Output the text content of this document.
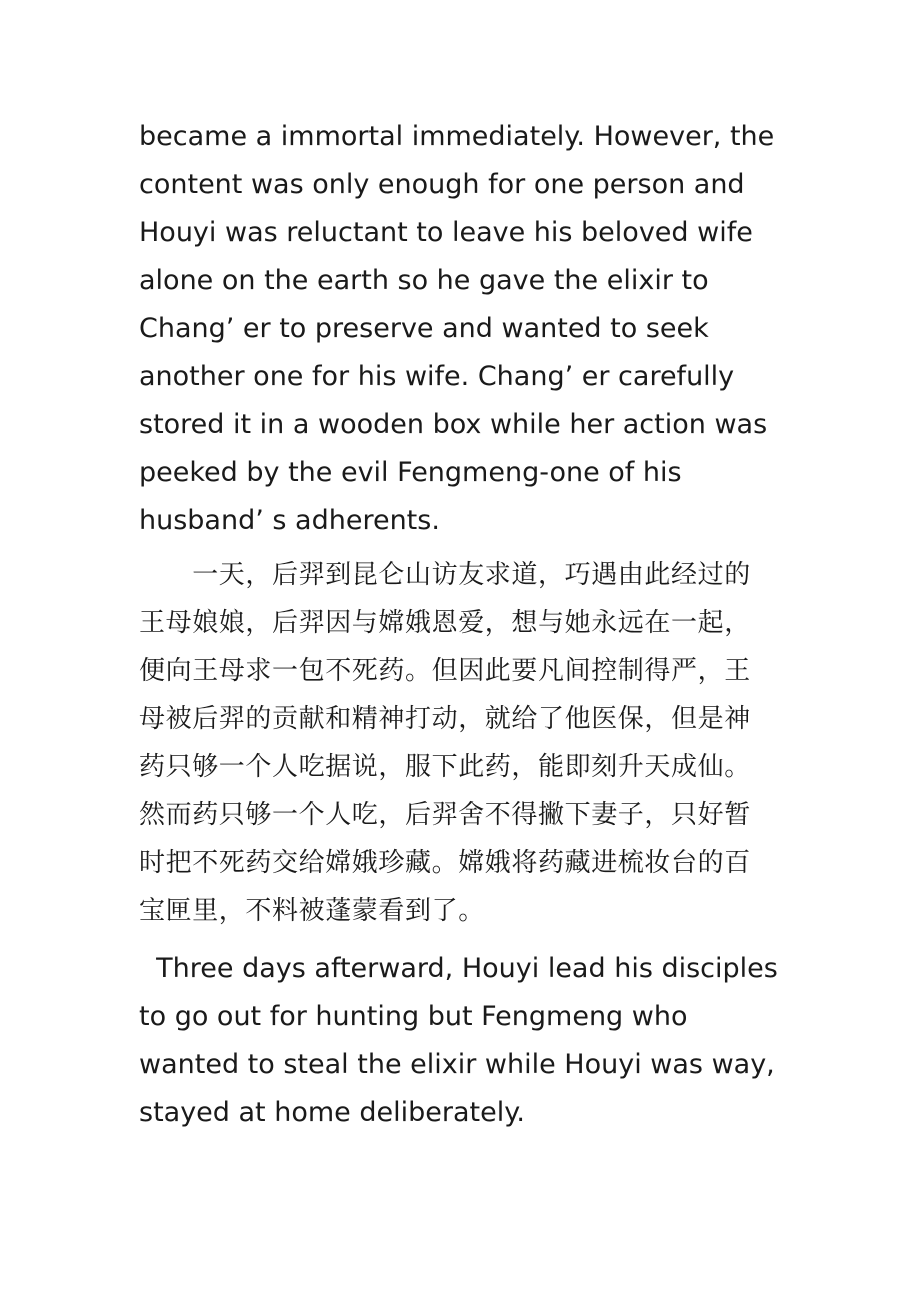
became a immortal immediately. However, the
content was only enough for one person and
Houyi was reluctant to leave his beloved wife
alone on the earth so he gave the elixir to
Chang’ er to preserve and wanted to seek
another one for his wife. Chang’ er carefully
stored it in a wooden box while her action was
peeked by the evil Fengmeng-one of his
husband’ s adherents.
　　一天，后羿到昆仑山访友求道，巧遇由此经过的
王母娘娘，后羿因与嫦娥恩爱，想与她永远在一起，
便向王母求一包不死药。但因此要凡间控制得严，王
母被后羿的贡献和精神打动，就给了他医保，但是神
药只够一个人吃据说，服下此药，能即刻升天成仙。
然而药只够一个人吃，后羿舍不得撇下妻子，只好暂
时把不死药交给嫦娥珍藏。嫦娥将药藏进梳妆台的百
宝匣里，不料被蓬蒙看到了。
Three days afterward, Houyi lead his disciples
to go out for hunting but Fengmeng who
wanted to steal the elixir while Houyi was way,
stayed at home deliberately.
